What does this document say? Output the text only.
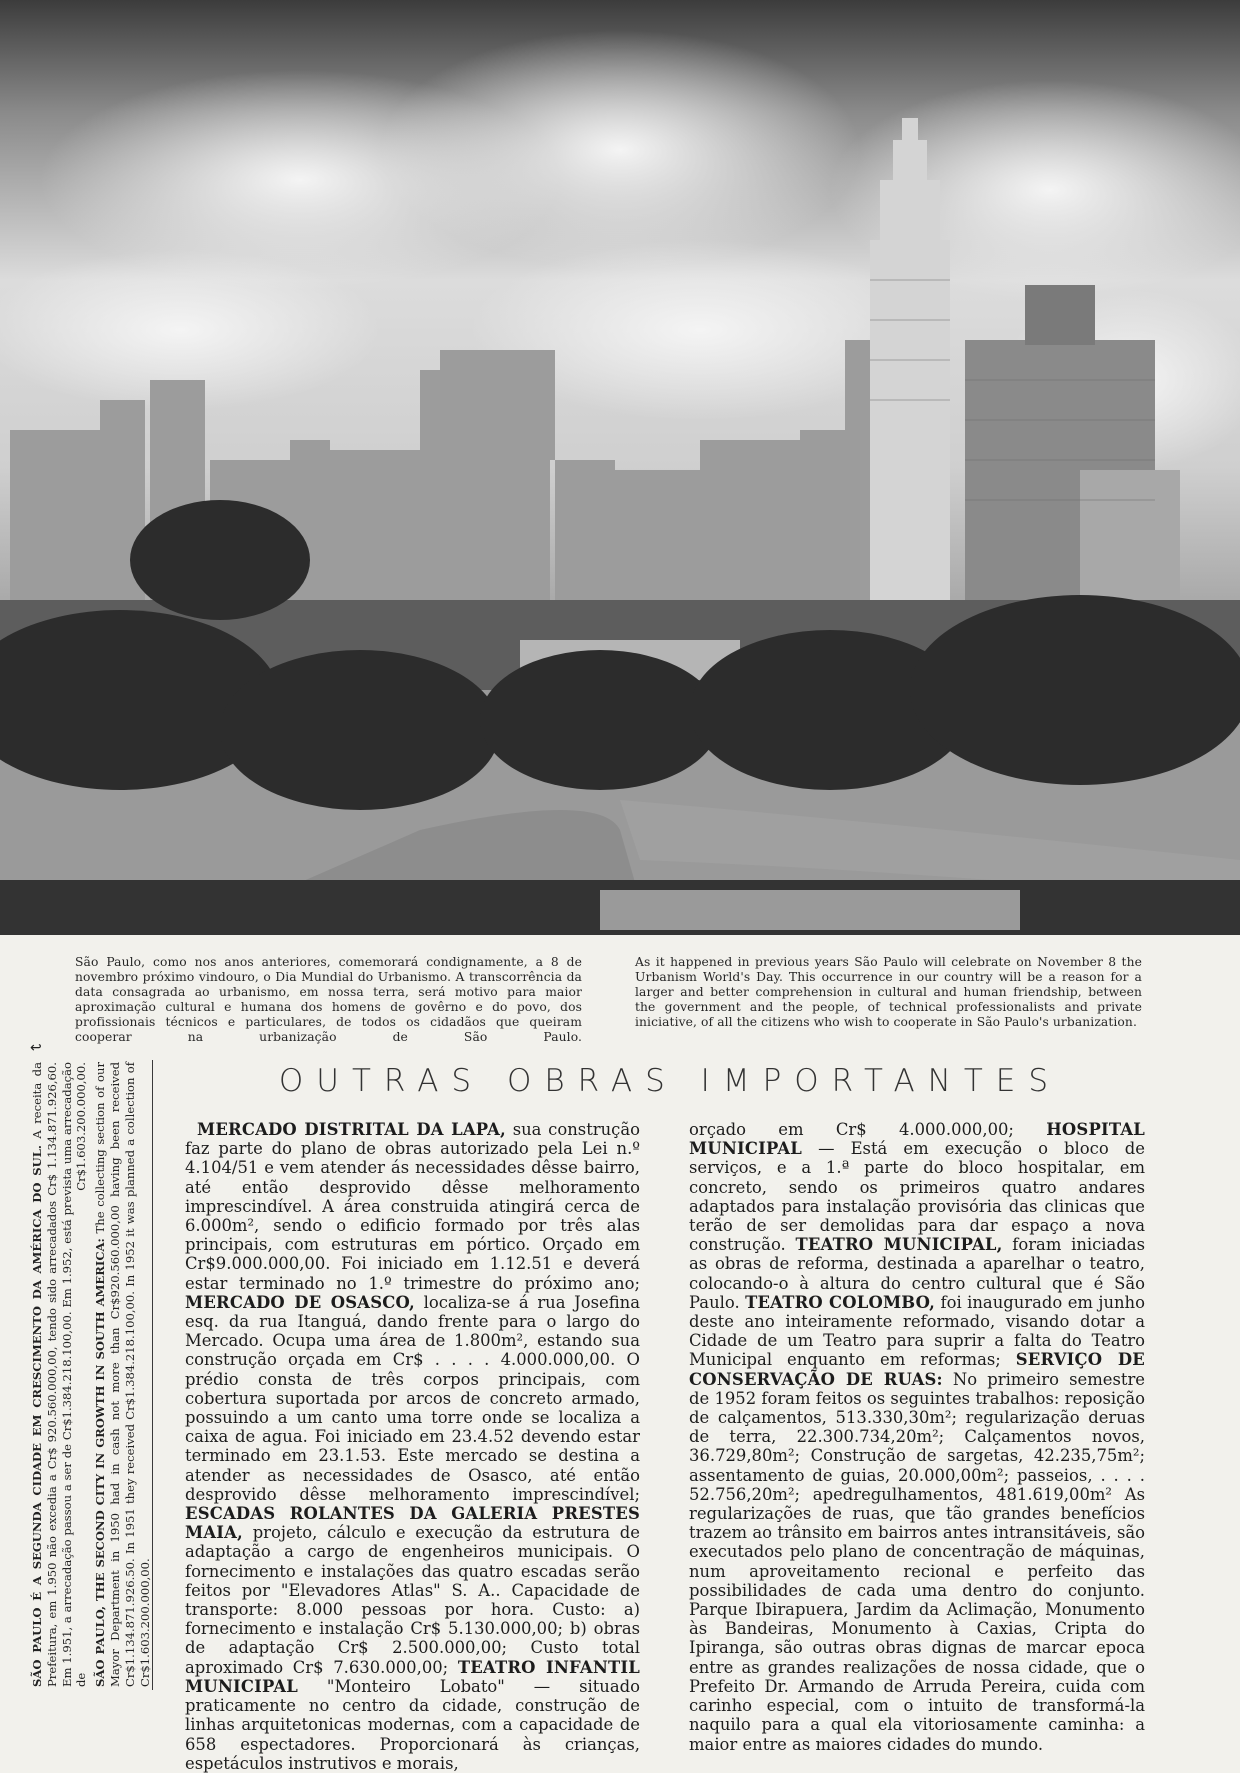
São Paulo, como nos anos anteriores, comemorará condignamente, a 8 de novembro próximo vindouro, o Dia Mundial do Urbanismo. A transcorrência da data consagrada ao urbanismo, em nossa terra, será motivo para maior aproximação cultural e humana dos homens de govêrno e do povo, dos profissionais técnicos e particulares, de todos os cidadãos que queiram cooperar na urbanização de São Paulo.
As it happened in previous years São Paulo will celebrate on November 8 the Urbanism World's Day. This occurrence in our country will be a reason for a larger and better comprehension in cultural and human friendship, between the government and the people, of technical professionalists and private iniciative, of all the citizens who wish to cooperate in São Paulo's urbanization.
↩

SÃO PAULO É A SEGUNDA CIDADE EM CRESCIMENTO DA AMÉRICA DO SUL. A receita da Prefeitura, em 1.950 não excedia a Cr$ 920.560.000,00, tendo sido arrecadados Cr$ 1.134.871.926,60. Em 1.951, a arrecadação passou a ser de Cr$1.384.218.100,00. Em 1.952, está prevista uma arrecadação de Cr$1.603.200.000,00. SÃO PAULO, THE SECOND CITY IN GROWTH IN SOUTH AMERICA: The collecting section of our Mayor Department in 1950 had in cash not more than Cr$920.560.000,00 having been received Cr$1.134.871.926.50. In 1951 they received Cr$1.384.218.100,00. In 1952 it was planned a collection of Cr$1.603.200.000,00.

OUTRAS OBRAS IMPORTANTES
MERCADO DISTRITAL DA LAPA, sua construção faz parte do plano de obras autorizado pela Lei n.º 4.104/51 e vem atender ás necessidades dêsse bairro, até então desprovido dêsse melhoramento imprescindível. A área construida atingirá cerca de 6.000m², sendo o edificio formado por três alas principais, com estruturas em pórtico. Orçado em Cr$9.000.000,00. Foi iniciado em 1.12.51 e deverá estar terminado no 1.º trimestre do próximo ano; MERCADO DE OSASCO, localiza-se á rua Josefina esq. da rua Itanguá, dando frente para o largo do Mercado. Ocupa uma área de 1.800m², estando sua construção orçada em Cr$ . . . . 4.000.000,00. O prédio consta de três corpos principais, com cobertura suportada por arcos de concreto armado, possuindo a um canto uma torre onde se localiza a caixa de agua. Foi iniciado em 23.4.52 devendo estar terminado em 23.1.53. Este mercado se destina a atender as necessidades de Osasco, até então desprovido dêsse melhoramento imprescindível; ESCADAS ROLANTES DA GALERIA PRESTES MAIA, projeto, cálculo e execução da estrutura de adaptação a cargo de engenheiros municipais. O fornecimento e instalações das quatro escadas serão feitos por "Elevadores Atlas" S. A.. Capacidade de transporte: 8.000 pessoas por hora. Custo: a) fornecimento e instalação Cr$ 5.130.000,00; b) obras de adaptação Cr$ 2.500.000,00; Custo total aproximado Cr$ 7.630.000,00; TEATRO INFANTIL MUNICIPAL "Monteiro Lobato" — situado praticamente no centro da cidade, construção de linhas arquitetonicas modernas, com a capacidade de 658 espectadores. Proporcionará às crianças, espetáculos instrutivos e morais,
orçado em Cr$ 4.000.000,00; HOSPITAL MUNICIPAL — Está em execução o bloco de serviços, e a 1.ª parte do bloco hospitalar, em concreto, sendo os primeiros quatro andares adaptados para instalação provisória das clinicas que terão de ser demolidas para dar espaço a nova construção. TEATRO MUNICIPAL, foram iniciadas as obras de reforma, destinada a aparelhar o teatro, colocando-o à altura do centro cultural que é São Paulo. TEATRO COLOMBO, foi inaugurado em junho deste ano inteiramente reformado, visando dotar a Cidade de um Teatro para suprir a falta do Teatro Municipal enquanto em reformas; SERVIÇO DE CONSERVAÇÃO DE RUAS: No primeiro semestre de 1952 foram feitos os seguintes trabalhos: reposição de calçamentos, 513.330,30m²; regularização deruas de terra, 22.300.734,20m²; Calçamentos novos, 36.729,80m²; Construção de sargetas, 42.235,75m²; assentamento de guias, 20.000,00m²; passeios, . . . . 52.756,20m²; apedregulhamentos, 481.619,00m² As regularizações de ruas, que tão grandes benefícios trazem ao trânsito em bairros antes intransitáveis, são executados pelo plano de concentração de máquinas, num aproveitamento recional e perfeito das possibilidades de cada uma dentro do conjunto. Parque Ibirapuera, Jardim da Aclimação, Monumento às Bandeiras, Monumento à Caxias, Cripta do Ipiranga, são outras obras dignas de marcar epoca entre as grandes realizações de nossa cidade, que o Prefeito Dr. Armando de Arruda Pereira, cuida com carinho especial, com o intuito de transformá-la naquilo para a qual ela vitoriosamente caminha: a maior entre as maiores cidades do mundo.
